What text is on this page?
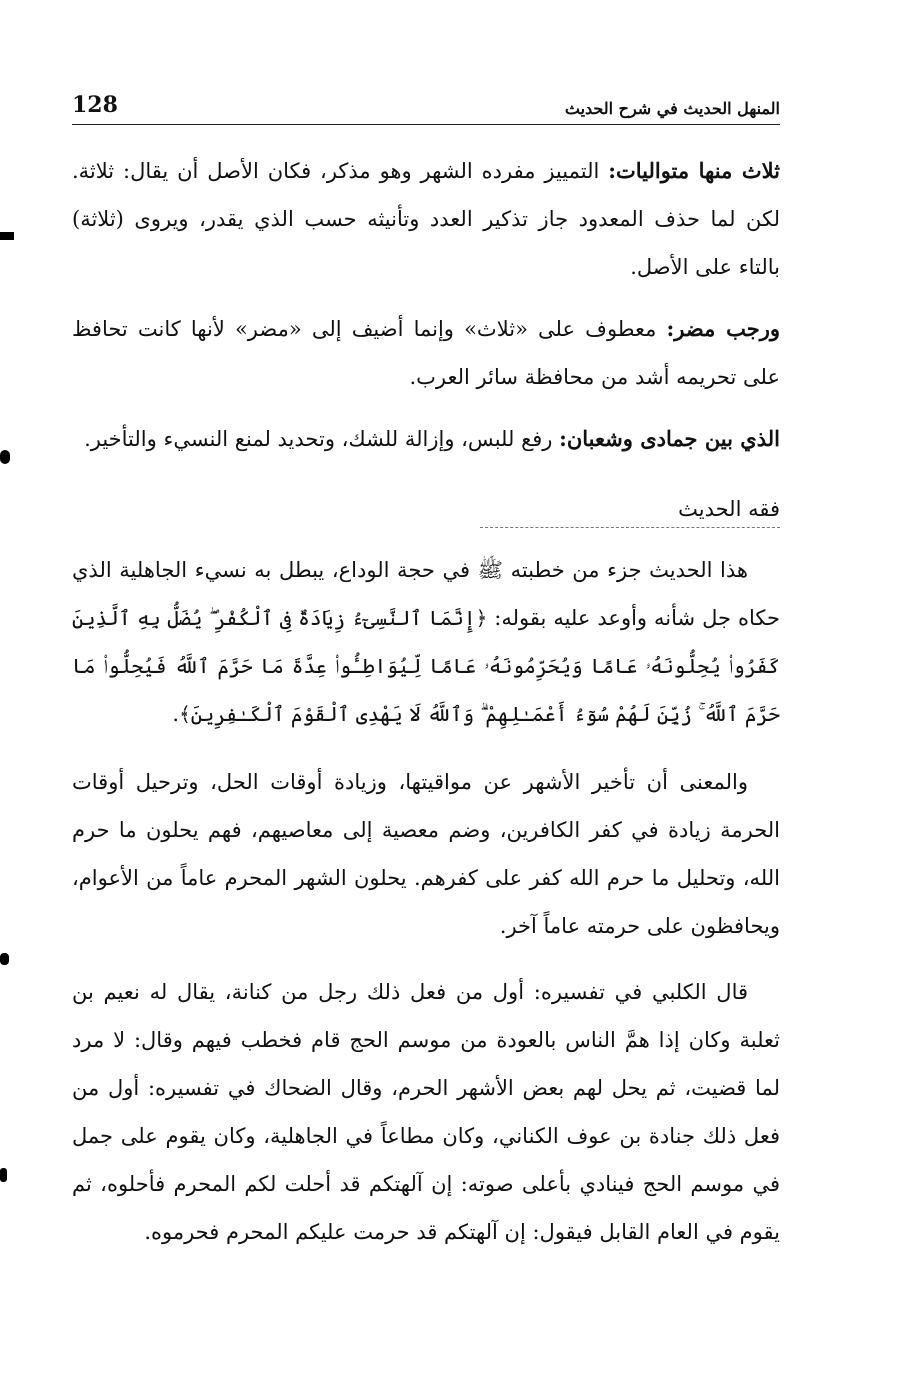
المنهل الحديث في شرح الحديث
128

ثلاث منها متواليات: التمييز مفرده الشهر وهو مذكر، فكان الأصل أن يقال: ثلاثة. لكن لما حذف المعدود جاز تذكير العدد وتأنيثه حسب الذي يقدر، ويروى (ثلاثة) بالتاء على الأصل.

ورجب مضر: معطوف على «ثلاث» وإنما أضيف إلى «مضر» لأنها كانت تحافظ على تحريمه أشد من محافظة سائر العرب.

الذي بين جمادى وشعبان: رفع للبس، وإزالة للشك، وتحديد لمنع النسيء والتأخير.

فقه الحديث

هذا الحديث جزء من خطبته ﷺ في حجة الوداع، يبطل به نسيء الجاهلية الذي حكاه جل شأنه وأوعد عليه بقوله: ﴿إِنَّمَا ٱلنَّسِىٓءُ زِيَادَةٌ فِى ٱلْكُفْرِ ۖ يُضَلُّ بِهِ ٱلَّذِينَ كَفَرُوا۟ يُحِلُّونَهُۥ عَامًا وَيُحَرِّمُونَهُۥ عَامًا لِّيُوَاطِـُٔوا۟ عِدَّةَ مَا حَرَّمَ ٱللَّهُ فَيُحِلُّوا۟ مَا حَرَّمَ ٱللَّهُ ۚ زُيِّنَ لَهُمْ سُوٓءُ أَعْمَـٰلِهِمْ ۗ وَٱللَّهُ لَا يَهْدِى ٱلْقَوْمَ ٱلْكَـٰفِرِينَ﴾.

والمعنى أن تأخير الأشهر عن مواقيتها، وزيادة أوقات الحل، وترحيل أوقات الحرمة زيادة في كفر الكافرين، وضم معصية إلى معاصيهم، فهم يحلون ما حرم الله، وتحليل ما حرم الله كفر على كفرهم. يحلون الشهر المحرم عاماً من الأعوام، ويحافظون على حرمته عاماً آخر.

قال الكلبي في تفسيره: أول من فعل ذلك رجل من كنانة، يقال له نعيم بن ثعلبة وكان إذا همَّ الناس بالعودة من موسم الحج قام فخطب فيهم وقال: لا مرد لما قضيت، ثم يحل لهم بعض الأشهر الحرم، وقال الضحاك في تفسيره: أول من فعل ذلك جنادة بن عوف الكناني، وكان مطاعاً في الجاهلية، وكان يقوم على جمل في موسم الحج فينادي بأعلى صوته: إن آلهتكم قد أحلت لكم المحرم فأحلوه، ثم يقوم في العام القابل فيقول: إن آلهتكم قد حرمت عليكم المحرم فحرموه.
